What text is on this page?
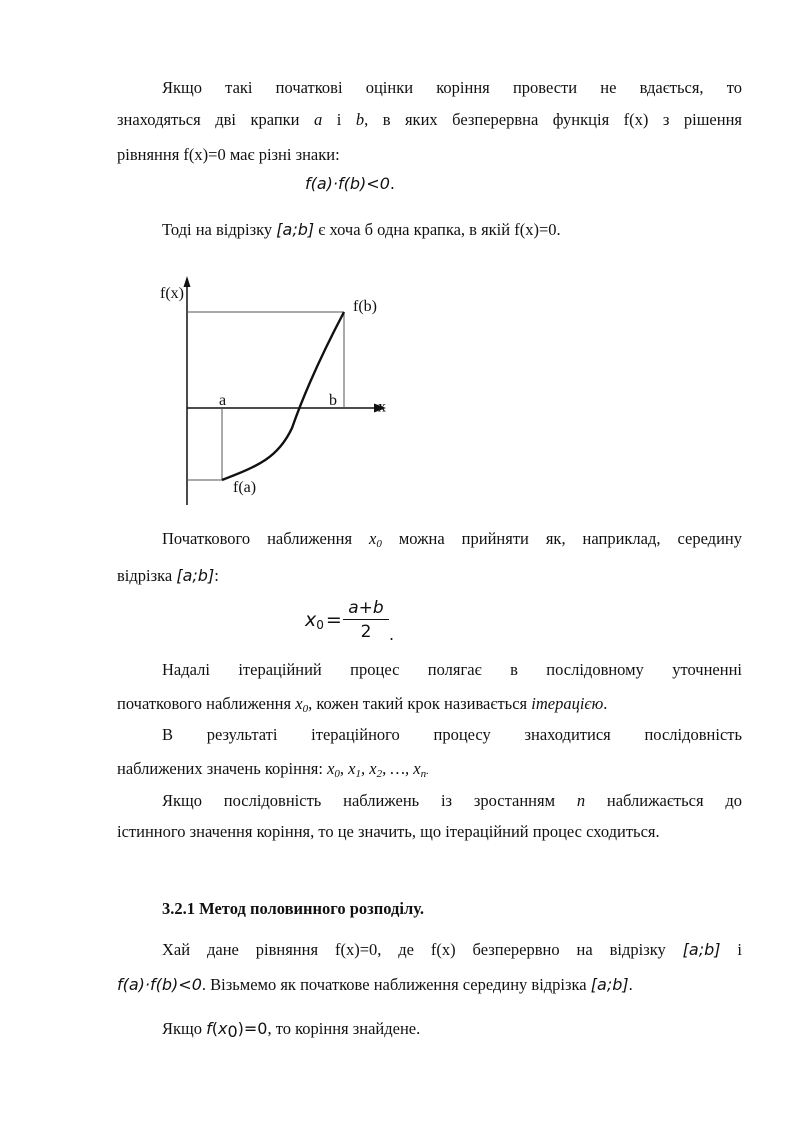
Якщо такі початкові оцінки коріння провести не вдається, то

знаходяться дві крапки a і b, в яких безперервна функція f(x) з рішення

рівняння f(x)=0 має різні знаки:
f(a)·f(b)<0.
Тоді на відрізку [a;b] є хоча б одна крапка, в якій f(x)=0.
f(x)
x
f(b)
f(a)
a	b

Початкового наближення $x_0$ можна прийняти як, наприклад, середину

відрізка [a;b]:
$x_0 = \frac{a+b}{2}$ .

Надалі ітераційний процес полягає в послідовному уточненні

початкового наближення $x_0$, кожен такий крок називається ітерацією.

В результаті ітераційного процесу знаходитися послідовність

наближених значень коріння: $x_0$, $x_1$, $x_2$, …, $x_n$.

Якщо послідовність наближень із зростанням n наближається до

істинного значення коріння, то це значить, що ітераційний процес сходиться.
3.2.1 Метод половинного розподілу.

Хай дане рівняння f(x)=0, де f(x) безперервно на відрізку [a;b] і

f(a)·f(b)<0. Візьмемо як початкове наближення середину відрізка [a;b].
Якщо $f(x_0)=0$, то коріння знайдене.
